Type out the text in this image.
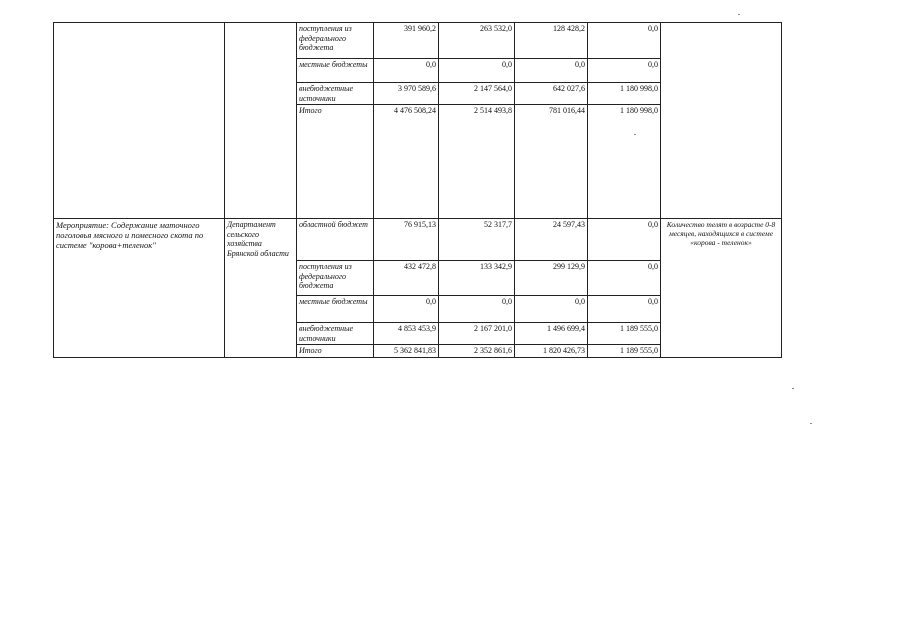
		поступления из федерального бюджета	391 960,2	263 532,0	128 428,2	0,0	
		местные бюджеты	0,0	0,0	0,0	0,0	
		внебюджетные источники	3 970 589,6	2 147 564,0	642 027,6	1 180 998,0	
		Итого	4 476 508,24	2 514 493,8	781 016,44	1 180 998,0	
Мероприятие: Содержание маточного поголовья мясного и помесного скота по системе "корова+теленок"	Департамент сельского хозяйства Брянской области	областной бюджет	76 915,13	52 317,7	24 597,43	0,0	Количество телят в возрасте 0-8 месяцев, находящихся в системе «корова - теленок»
		поступления из федерального бюджета	432 472,8	133 342,9	299 129,9	0,0	
		местные бюджеты	0,0	0,0	0,0	0,0	
		внебюджетные источники	4 853 453,9	2 167 201,0	1 496 699,4	1 189 555,0	
		Итого	5 362 841,83	2 352 861,6	1 820 426,73	1 189 555,0	
